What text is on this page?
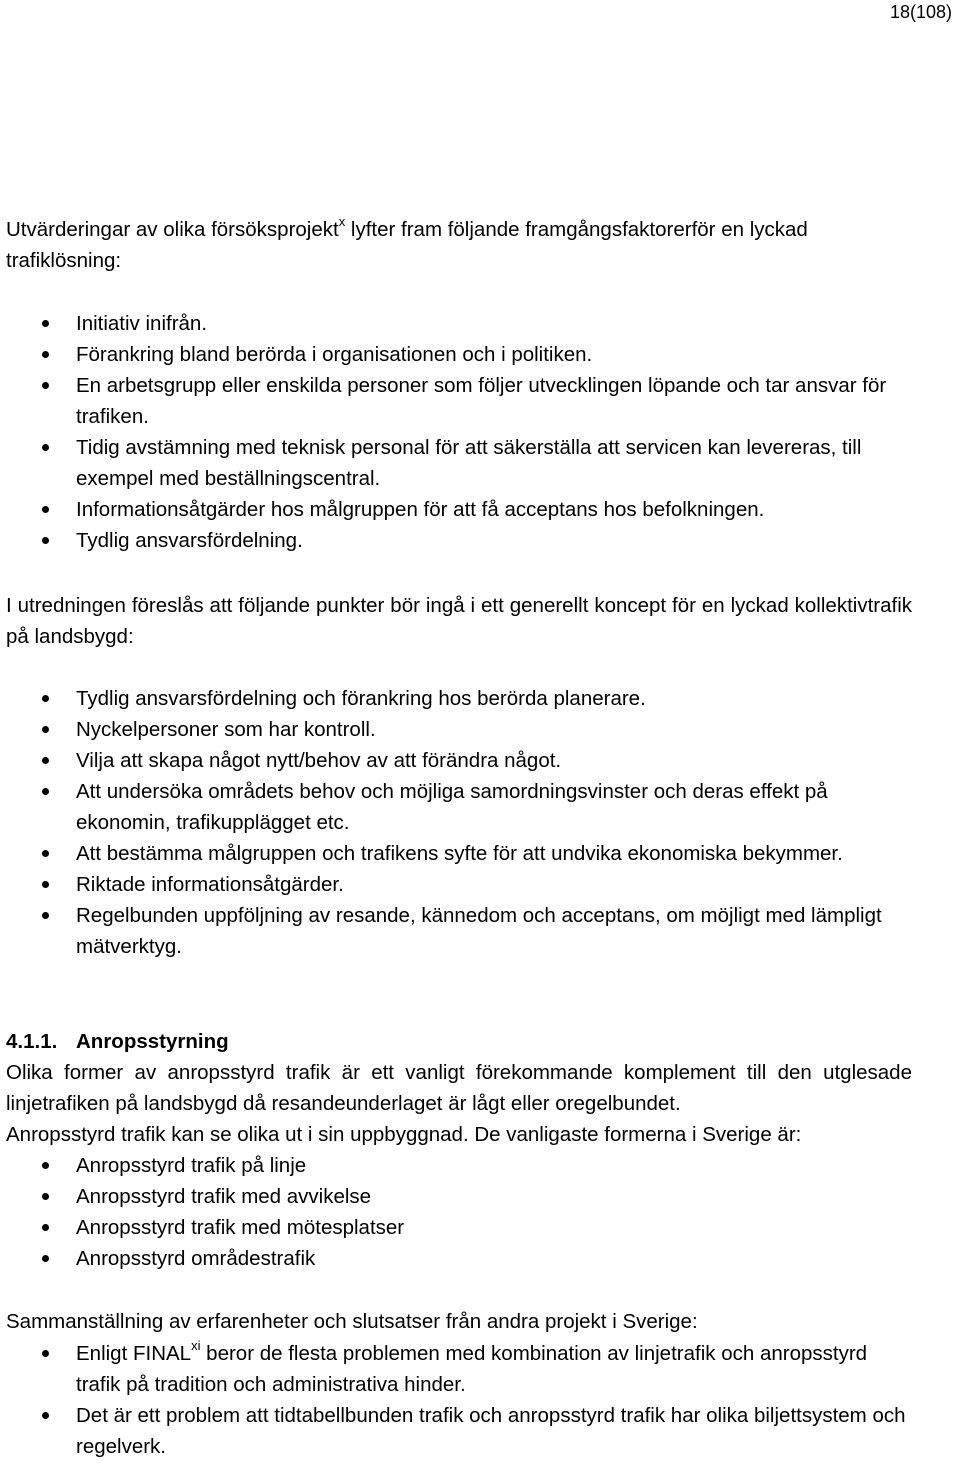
18(108)

Utvärderingar av olika försöksprojekt$^x$ lyfter fram följande framgångsfaktorerför en lyckad trafiklösning:

Initiativ inifrån.
Förankring bland berörda i organisationen och i politiken.
En arbetsgrupp eller enskilda personer som följer utvecklingen löpande och tar ansvar för trafiken.
Tidig avstämning med teknisk personal för att säkerställa att servicen kan levereras, till exempel med beställningscentral.
Informationsåtgärder hos målgruppen för att få acceptans hos befolkningen.
Tydlig ansvarsfördelning.

I utredningen föreslås att följande punkter bör ingå i ett generellt koncept för en lyckad kollektivtrafik på landsbygd:

Tydlig ansvarsfördelning och förankring hos berörda planerare.
Nyckelpersoner som har kontroll.
Vilja att skapa något nytt/behov av att förändra något.
Att undersöka områdets behov och möjliga samordningsvinster och deras effekt på ekonomin, trafikupplägget etc.
Att bestämma målgruppen och trafikens syfte för att undvika ekonomiska bekymmer.
Riktade informationsåtgärder.
Regelbunden uppföljning av resande, kännedom och acceptans, om möjligt med lämpligt mätverktyg.
4.1.1. Anropsstyrning

Olika former av anropsstyrd trafik är ett vanligt förekommande komplement till den utglesade linjetrafiken på landsbygd då resandeunderlaget är lågt eller oregelbundet.

Anropsstyrd trafik kan se olika ut i sin uppbyggnad. De vanligaste formerna i Sverige är:

Anropsstyrd trafik på linje
Anropsstyrd trafik med avvikelse
Anropsstyrd trafik med mötesplatser
Anropsstyrd områdestrafik

Sammanställning av erfarenheter och slutsatser från andra projekt i Sverige:

Enligt FINAL$^{xi}$ beror de flesta problemen med kombination av linjetrafik och anropsstyrd trafik på tradition och administrativa hinder.
Det är ett problem att tidtabellbunden trafik och anropsstyrd trafik har olika biljettsystem och regelverk.
